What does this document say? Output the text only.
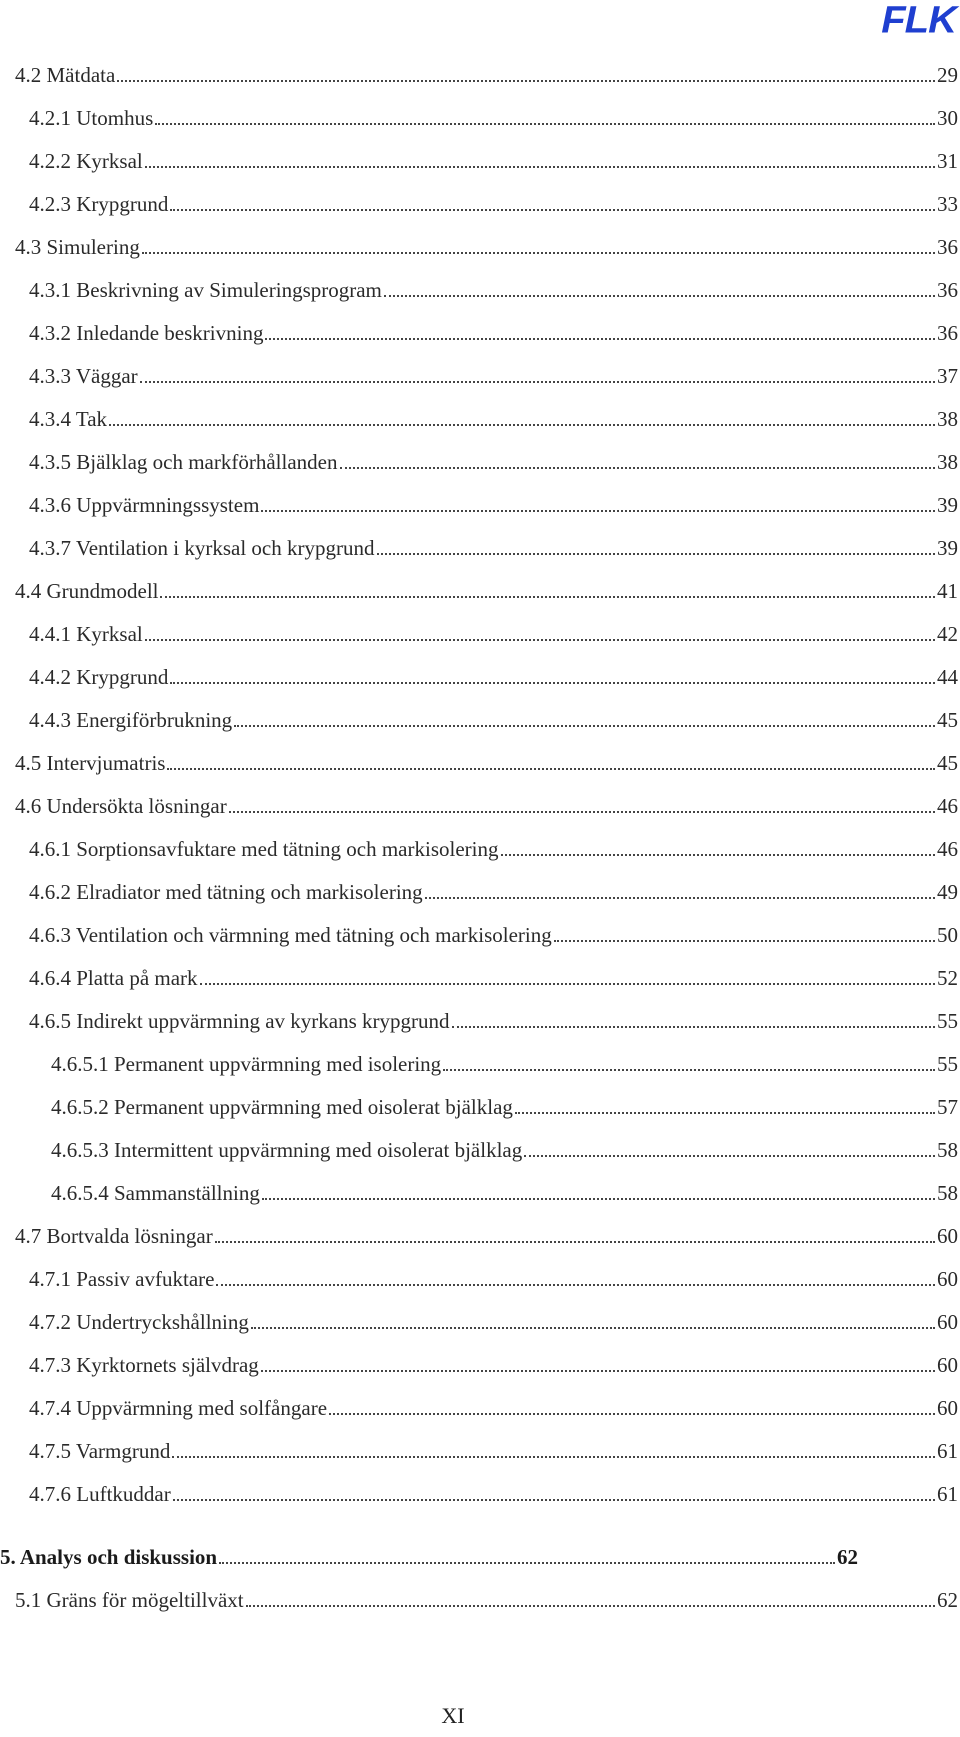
FLK
4.2 Mätdata	29
4.2.1 Utomhus	30
4.2.2 Kyrksal	31
4.2.3 Krypgrund	33
4.3 Simulering	36
4.3.1 Beskrivning av Simuleringsprogram	36
4.3.2 Inledande beskrivning	36
4.3.3 Väggar	37
4.3.4 Tak	38
4.3.5 Bjälklag och markförhållanden	38
4.3.6 Uppvärmningssystem	39
4.3.7 Ventilation i kyrksal och krypgrund	39
4.4 Grundmodell	41
4.4.1 Kyrksal	42
4.4.2 Krypgrund	44
4.4.3 Energiförbrukning	45
4.5 Intervjumatris	45
4.6 Undersökta lösningar	46
4.6.1 Sorptionsavfuktare med tätning och markisolering	46
4.6.2 Elradiator med tätning och markisolering	49
4.6.3 Ventilation och värmning med tätning och markisolering	50
4.6.4 Platta på mark	52
4.6.5 Indirekt uppvärmning av kyrkans krypgrund	55
4.6.5.1 Permanent uppvärmning med isolering	55
4.6.5.2 Permanent uppvärmning med oisolerat bjälklag	57
4.6.5.3 Intermittent uppvärmning med oisolerat bjälklag	58
4.6.5.4 Sammanställning	58
4.7 Bortvalda lösningar	60
4.7.1 Passiv avfuktare	60
4.7.2 Undertryckshållning	60
4.7.3 Kyrktornets självdrag	60
4.7.4 Uppvärmning med solfångare	60
4.7.5 Varmgrund	61
4.7.6 Luftkuddar	61
5. Analys och diskussion	62
5.1 Gräns för mögeltillväxt	62
XI
